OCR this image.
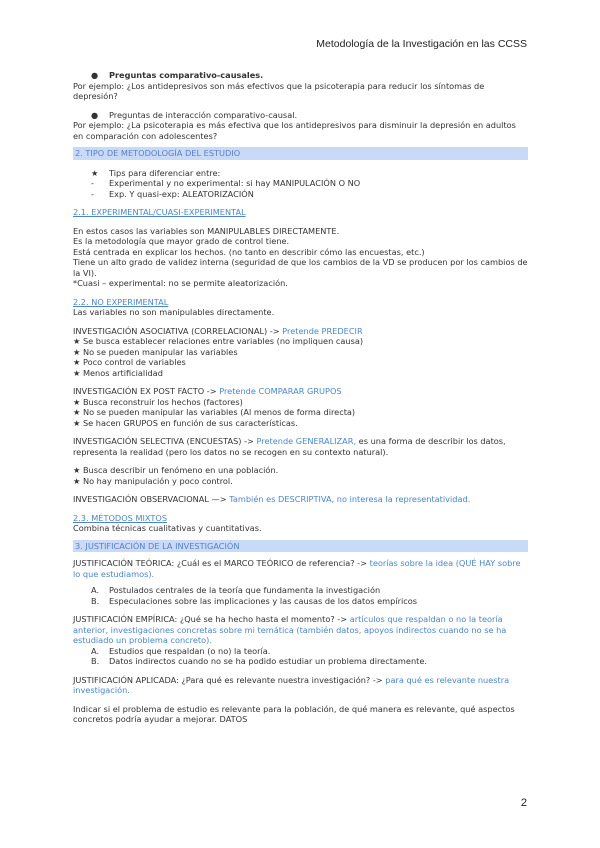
Metodología de la Investigación en las CCSS

● Preguntas comparativo-causales.

Por ejemplo: ¿Los antidepresivos son más efectivos que la psicoterapia para reducir los síntomas de depresión?

● Preguntas de interacción comparativo-causal.

Por ejemplo: ¿La psicoterapia es más efectiva que los antidepresivos para disminuir la depresión en adultos en comparación con adolescentes?

2. TIPO DE METODOLOGÍA DEL ESTUDIO

★ Tips para diferenciar entre:

- Experimental y no experimental: si hay MANIPULACIÓN O NO

- Exp. Y quasi-exp: ALEATORIZACIÓN

2.1. EXPERIMENTAL/CUASI-EXPERIMENTAL

En estos casos las variables son MANIPULABLES DIRECTAMENTE.

Es la metodología que mayor grado de control tiene.

Está centrada en explicar los hechos. (no tanto en describir cómo las encuestas, etc.)

Tiene un alto grado de validez interna (seguridad de que los cambios de la VD se producen por los cambios de la VI).

*Cuasi – experimental: no se permite aleatorización.

2.2. NO EXPERIMENTAL

Las variables no son manipulables directamente.

INVESTIGACIÓN ASOCIATIVA (CORRELACIONAL) -> Pretende PREDECIR

★ Se busca establecer relaciones entre variables (no impliquen causa)

★ No se pueden manipular las variables

★ Poco control de variables

★ Menos artificialidad

INVESTIGACIÓN EX POST FACTO -> Pretende COMPARAR GRUPOS

★ Busca reconstruir los hechos (factores)

★ No se pueden manipular las variables (Al menos de forma directa)

★ Se hacen GRUPOS en función de sus características.

INVESTIGACIÓN SELECTIVA (ENCUESTAS) -> Pretende GENERALIZAR, es una forma de describir los datos, representa la realidad (pero los datos no se recogen en su contexto natural).

★ Busca describir un fenómeno en una población.

★ No hay manipulación y poco control.

INVESTIGACIÓN OBSERVACIONAL —> También es DESCRIPTIVA, no interesa la representatividad.

2.3. MÉTODOS MIXTOS

Combina técnicas cualitativas y cuantitativas.

3. JUSTIFICACIÓN DE LA INVESTIGACIÓN

JUSTIFICACIÓN TEÓRICA: ¿Cuál es el MARCO TEÓRICO de referencia? -> teorías sobre la idea (QUÉ HAY sobre lo que estudiamos).

A. Postulados centrales de la teoría que fundamenta la investigación

B. Especulaciones sobre las implicaciones y las causas de los datos empíricos

JUSTIFICACIÓN EMPÍRICA: ¿Qué se ha hecho hasta el momento? -> artículos que respaldan o no la teoría anterior, investigaciones concretas sobre mi temática (también datos, apoyos indirectos cuando no se ha estudiado un problema concreto).

A. Estudios que respaldan (o no) la teoría.

B. Datos indirectos cuando no se ha podido estudiar un problema directamente.

JUSTIFICACIÓN APLICADA: ¿Para qué es relevante nuestra investigación? -> para qué es relevante nuestra investigación.

Indicar si el problema de estudio es relevante para la población, de qué manera es relevante, qué aspectos concretos podría ayudar a mejorar. DATOS

2
